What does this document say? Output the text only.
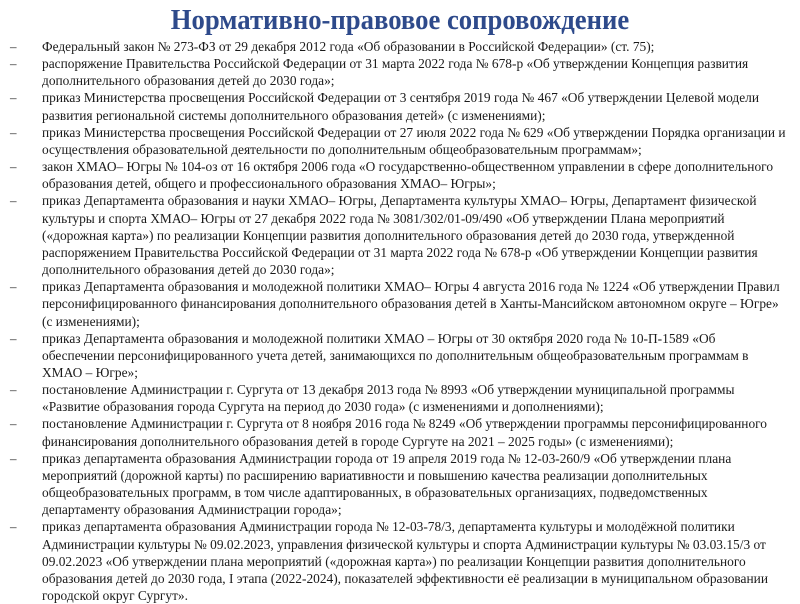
Нормативно-правовое сопровождение
– Федеральный закон № 273-ФЗ от 29 декабря 2012 года «Об образовании в Российской Федерации» (ст. 75);
– распоряжение Правительства Российской Федерации от 31 марта 2022 года № 678-р «Об утверждении Концепция развития
дополнительного образования детей до 2030 года»;
– приказ Министерства просвещения Российской Федерации от 3 сентября 2019 года № 467 «Об утверждении Целевой модели
развития региональной системы дополнительного образования детей» (с изменениями);
– приказ Министерства просвещения Российской Федерации от 27 июля 2022 года № 629 «Об утверждении Порядка организации и
осуществления образовательной деятельности по дополнительным общеобразовательным программам»;
– закон ХМАО– Югры № 104-оз от 16 октября 2006 года «О государственно-общественном управлении в сфере дополнительного
образования детей, общего и профессионального образования ХМАО– Югры»;
– приказ Департамента образования и науки ХМАО– Югры, Департамента культуры ХМАО– Югры, Департамент физической
культуры и спорта ХМАО– Югры от 27 декабря 2022 года № 3081/302/01-09/490 «Об утверждении Плана мероприятий
(«дорожная карта») по реализации Концепции развития дополнительного образования детей до 2030 года, утвержденной
распоряжением Правительства Российской Федерации от 31 марта 2022 года № 678-р «Об утверждении Концепции развития
дополнительного образования детей до 2030 года»;
– приказ Департамента образования и молодежной политики ХМАО– Югры 4 августа 2016 года № 1224 «Об утверждении Правил
персонифицированного финансирования дополнительного образования детей в Ханты-Мансийском автономном округе – Югре»
(с изменениями);
– приказ Департамента образования и молодежной политики ХМАО – Югры от 30 октября 2020 года № 10-П-1589 «Об
обеспечении персонифицированного учета детей, занимающихся по дополнительным общеобразовательным программам в
ХМАО – Югре»;
– постановление Администрации г. Сургута от 13 декабря 2013 года № 8993 «Об утверждении муниципальной программы
«Развитие образования города Сургута на период до 2030 года» (с изменениями и дополнениями);
– постановление Администрации г. Сургута от 8 ноября 2016 года № 8249 «Об утверждении программы персонифицированного
финансирования дополнительного образования детей в городе Сургуте на 2021 – 2025 годы» (с изменениями);
– приказ департамента образования Администрации города от 19 апреля 2019 года № 12-03-260/9 «Об утверждении плана
мероприятий (дорожной карты) по расширению вариативности и повышению качества реализации дополнительных
общеобразовательных программ, в том числе адаптированных, в образовательных организациях, подведомственных
департаменту образования Администрации города»;
– приказ департамента образования Администрации города № 12-03-78/3, департамента культуры и молодёжной политики
Администрации культуры № 09.02.2023, управления физической культуры и спорта Администрации культуры № 03.03.15/3 от
09.02.2023 «Об утверждении плана мероприятий («дорожная карта») по реализации Концепции развития дополнительного
образования детей до 2030 года, I этапа (2022-2024), показателей эффективности её реализации в муниципальном образовании
городской округ Сургут».
